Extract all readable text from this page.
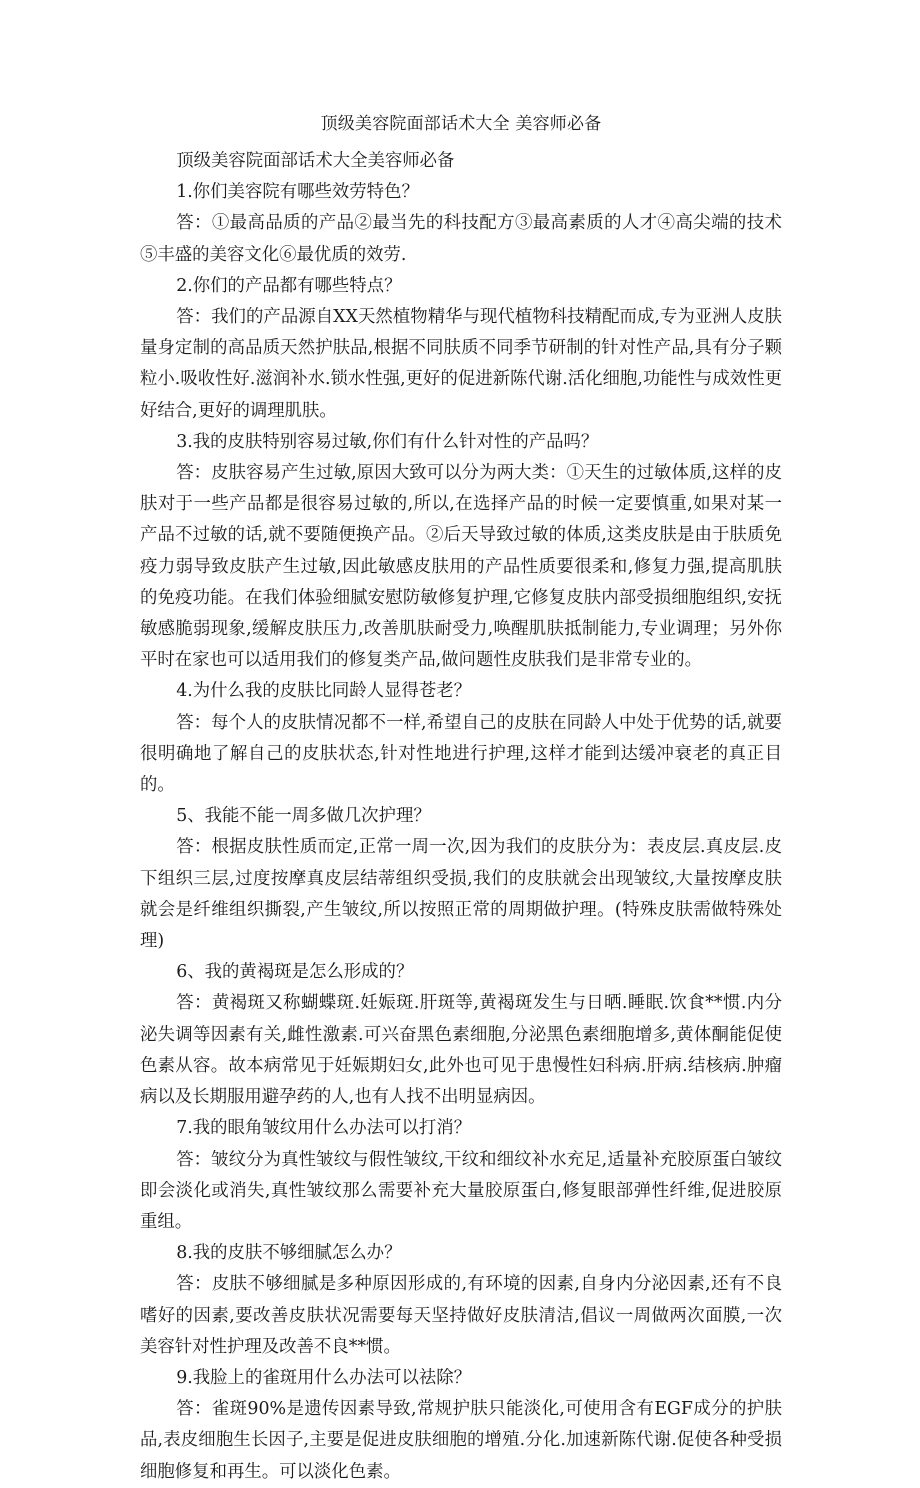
顶级美容院面部话术大全 美容师必备

顶级美容院面部话术大全美容师必备

1.你们美容院有哪些效劳特色？

答：①最高品质的产品②最当先的科技配方③最高素质的人才④高尖端的技术⑤丰盛的美容文化⑥最优质的效劳.

2.你们的产品都有哪些特点？

答：我们的产品源自XX天然植物精华与现代植物科技精配而成,专为亚洲人皮肤量身定制的高品质天然护肤品,根据不同肤质不同季节研制的针对性产品,具有分子颗粒小.吸收性好.滋润补水.锁水性强,更好的促进新陈代谢.活化细胞,功能性与成效性更好结合,更好的调理肌肤。

3.我的皮肤特别容易过敏,你们有什么针对性的产品吗？

答：皮肤容易产生过敏,原因大致可以分为两大类：①天生的过敏体质,这样的皮肤对于一些产品都是很容易过敏的,所以,在选择产品的时候一定要慎重,如果对某一产品不过敏的话,就不要随便换产品。②后天导致过敏的体质,这类皮肤是由于肤质免疫力弱导致皮肤产生过敏,因此敏感皮肤用的产品性质要很柔和,修复力强,提高肌肤的免疫功能。在我们体验细腻安慰防敏修复护理,它修复皮肤内部受损细胞组织,安抚敏感脆弱现象,缓解皮肤压力,改善肌肤耐受力,唤醒肌肤抵制能力,专业调理；另外你平时在家也可以适用我们的修复类产品,做问题性皮肤我们是非常专业的。

4.为什么我的皮肤比同龄人显得苍老？

答：每个人的皮肤情况都不一样,希望自己的皮肤在同龄人中处于优势的话,就要很明确地了解自己的皮肤状态,针对性地进行护理,这样才能到达缓冲衰老的真正目的。

5、我能不能一周多做几次护理？

答：根据皮肤性质而定,正常一周一次,因为我们的皮肤分为：表皮层.真皮层.皮下组织三层,过度按摩真皮层结蒂组织受损,我们的皮肤就会出现皱纹,大量按摩皮肤就会是纤维组织撕裂,产生皱纹,所以按照正常的周期做护理。(特殊皮肤需做特殊处理)

6、我的黄褐斑是怎么形成的？

答：黄褐斑又称蝴蝶斑.妊娠斑.肝斑等,黄褐斑发生与日晒.睡眠.饮食**惯.内分泌失调等因素有关,雌性激素.可兴奋黑色素细胞,分泌黑色素细胞增多,黄体酮能促使色素从容。故本病常见于妊娠期妇女,此外也可见于患慢性妇科病.肝病.结核病.肿瘤病以及长期服用避孕药的人,也有人找不出明显病因。

7.我的眼角皱纹用什么办法可以打消？

答：皱纹分为真性皱纹与假性皱纹,干纹和细纹补水充足,适量补充胶原蛋白皱纹即会淡化或消失,真性皱纹那么需要补充大量胶原蛋白,修复眼部弹性纤维,促进胶原重组。

8.我的皮肤不够细腻怎么办？

答：皮肤不够细腻是多种原因形成的,有环境的因素,自身内分泌因素,还有不良嗜好的因素,要改善皮肤状况需要每天坚持做好皮肤清洁,倡议一周做两次面膜,一次美容针对性护理及改善不良**惯。

9.我脸上的雀斑用什么办法可以祛除？

答：雀斑90%是遗传因素导致,常规护肤只能淡化,可使用含有EGF成分的护肤品,表皮细胞生长因子,主要是促进皮肤细胞的增殖.分化.加速新陈代谢.促使各种受损细胞修复和再生。可以淡化色素。
